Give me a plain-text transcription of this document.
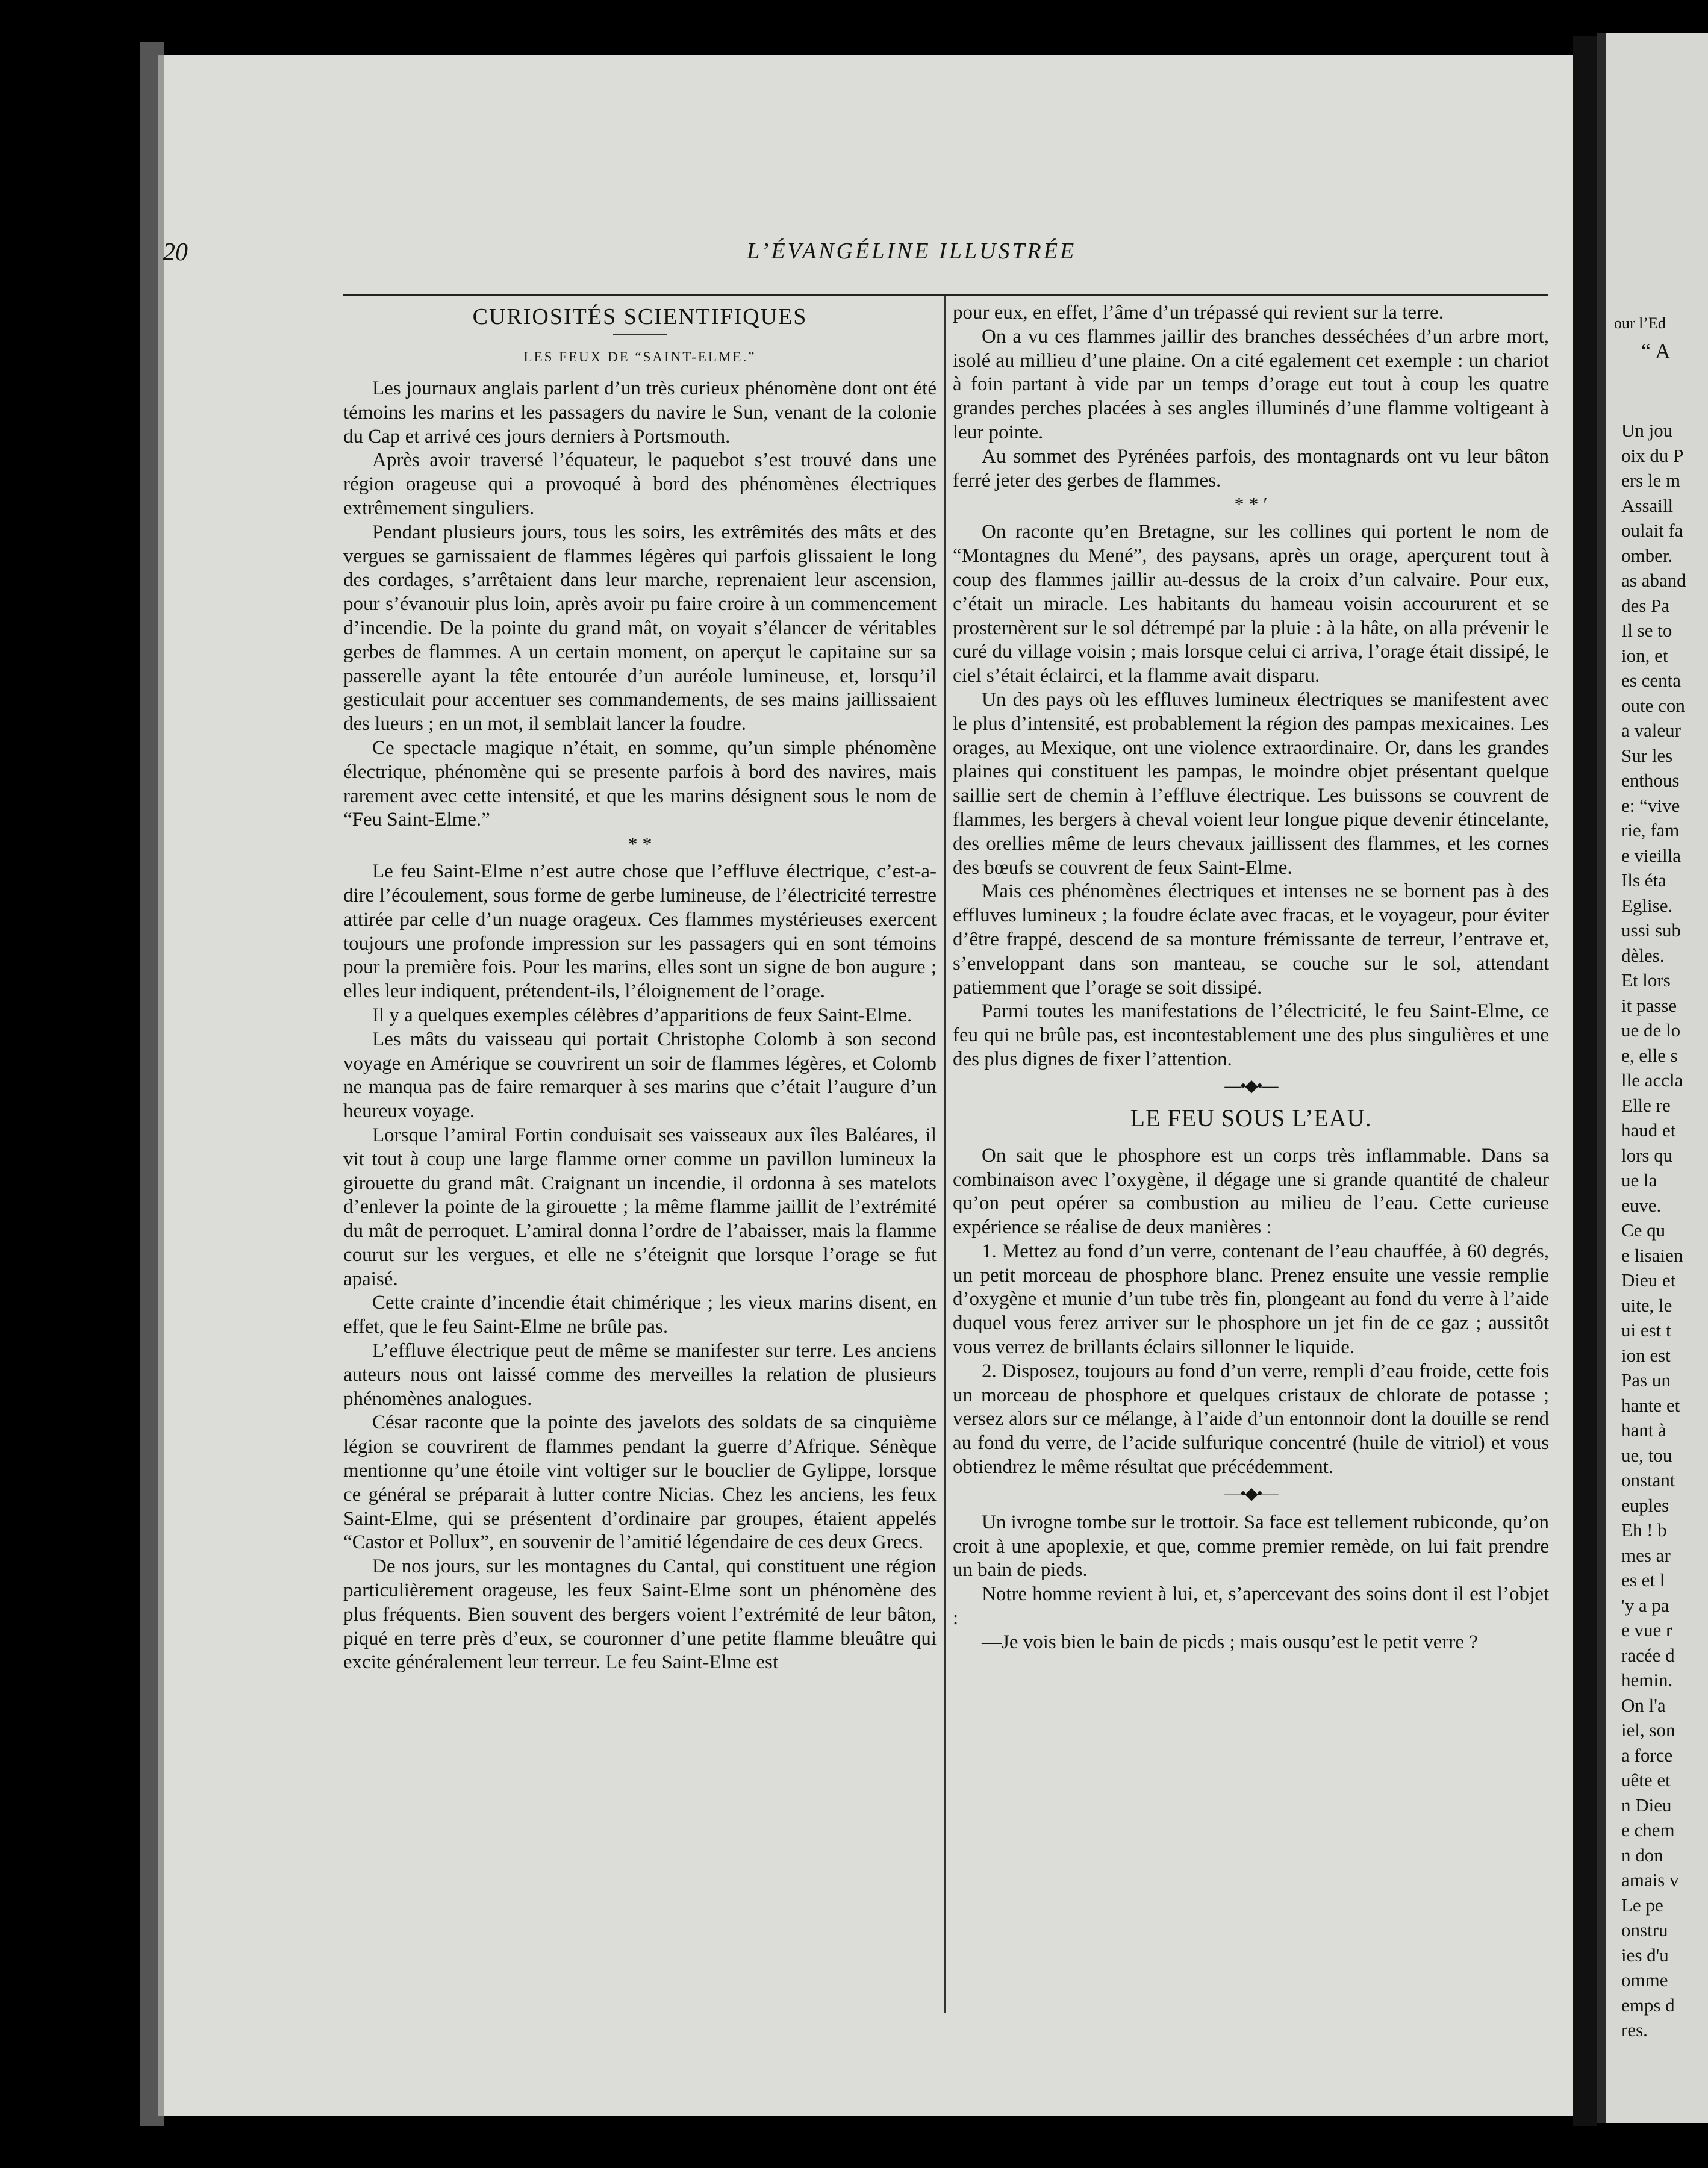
Un jou
oix du P
ers le m
Assaill
oulait fa
omber.
as aband
des Pa
Il se to
ion, et
es centa
oute con
a valeur
Sur les
enthous
e: “vive
rie, fam
e vieilla
Ils éta
Eglise.
ussi sub
dèles.
Et lors
it passe
ue de lo
e, elle s
lle accla
Elle re
haud et
lors qu
ue la
euve.
Ce qu
e lisaien
Dieu et
uite, le
ui est t
ion est
Pas un
hante et
hant à
ue, tou
onstant
euples
Eh ! b
mes ar
es et l
'y a pa
e vue r
racée d
hemin.
On l'a
iel, son
a force
uête et
n Dieu
e chem
n don
amais v
Le pe
onstru
ies d'u
omme
emps d
res.
our l’Ed
“ A
20	L’ÉVANGÉLINE ILLUSTRÉE
CURIOSITÉS SCIENTIFIQUES
LES FEUX DE “SAINT-ELME.”

Les journaux anglais parlent d’un très curieux phénomène dont ont été témoins les marins et les passagers du navire le Sun, venant de la colonie du Cap et arrivé ces jours derniers à Portsmouth.

Après avoir traversé l’équateur, le paquebot s’est trouvé dans une région orageuse qui a provoqué à bord des phénomènes électriques extrêmement singuliers.

Pendant plusieurs jours, tous les soirs, les extrêmités des mâts et des vergues se garnissaient de flammes légères qui parfois glissaient le long des cordages, s’arrêtaient dans leur marche, reprenaient leur ascension, pour s’évanouir plus loin, après avoir pu faire croire à un commencement d’incendie. De la pointe du grand mât, on voyait s’élancer de véritables gerbes de flammes. A un certain moment, on aperçut le capitaine sur sa passerelle ayant la tête entourée d’un auréole lumineuse, et, lorsqu’il gesticulait pour accentuer ses commandements, de ses mains jaillissaient des lueurs ; en un mot, il semblait lancer la foudre.

Ce spectacle magique n’était, en somme, qu’un simple phénomène électrique, phénomène qui se presente parfois à bord des navires, mais rarement avec cette intensité, et que les marins désignent sous le nom de “Feu Saint-Elme.”

* *

Le feu Saint-Elme n’est autre chose que l’effluve électrique, c’est-a-dire l’écoulement, sous forme de gerbe lumineuse, de l’électricité terrestre attirée par celle d’un nuage orageux. Ces flammes mystérieuses exercent toujours une profonde impression sur les passagers qui en sont témoins pour la première fois. Pour les marins, elles sont un signe de bon augure ; elles leur indiquent, prétendent-ils, l’éloignement de l’orage.

Il y a quelques exemples célèbres d’apparitions de feux Saint-Elme.

Les mâts du vaisseau qui portait Christophe Colomb à son second voyage en Amérique se couvrirent un soir de flammes légères, et Colomb ne manqua pas de faire remarquer à ses marins que c’était l’augure d’un heureux voyage.

Lorsque l’amiral Fortin conduisait ses vaisseaux aux îles Baléares, il vit tout à coup une large flamme orner comme un pavillon lumineux la girouette du grand mât. Craignant un incendie, il ordonna à ses matelots d’enlever la pointe de la girouette ; la même flamme jaillit de l’extrémité du mât de perroquet. L’amiral donna l’ordre de l’abaisser, mais la flamme courut sur les vergues, et elle ne s’éteignit que lorsque l’orage se fut apaisé.

Cette crainte d’incendie était chimérique ; les vieux marins disent, en effet, que le feu Saint-Elme ne brûle pas.

L’effluve électrique peut de même se manifester sur terre. Les anciens auteurs nous ont laissé comme des merveilles la relation de plusieurs phénomènes analogues.

César raconte que la pointe des javelots des soldats de sa cinquième légion se couvrirent de flammes pendant la guerre d’Afrique. Sénèque mentionne qu’une étoile vint voltiger sur le bouclier de Gylippe, lorsque ce général se préparait à lutter contre Nicias. Chez les anciens, les feux Saint-Elme, qui se présentent d’ordinaire par groupes, étaient appelés “Castor et Pollux”, en souvenir de l’amitié légendaire de ces deux Grecs.

De nos jours, sur les montagnes du Cantal, qui constituent une région particulièrement orageuse, les feux Saint-Elme sont un phénomène des plus fréquents. Bien souvent des bergers voient l’extrémité de leur bâton, piqué en terre près d’eux, se couronner d’une petite flamme bleuâtre qui excite généralement leur terreur. Le feu Saint-Elme est

pour eux, en effet, l’âme d’un trépassé qui revient sur la terre.

On a vu ces flammes jaillir des branches desséchées d’un arbre mort, isolé au millieu d’une plaine. On a cité egalement cet exemple : un chariot à foin partant à vide par un temps d’orage eut tout à coup les quatre grandes perches placées à ses angles illuminés d’une flamme voltigeant à leur pointe.

Au sommet des Pyrénées parfois, des montagnards ont vu leur bâton ferré jeter des gerbes de flammes.

* * ′

On raconte qu’en Bretagne, sur les collines qui portent le nom de “Montagnes du Mené”, des paysans, après un orage, aperçurent tout à coup des flammes jaillir au-dessus de la croix d’un calvaire. Pour eux, c’était un miracle. Les habitants du hameau voisin accoururent et se prosternèrent sur le sol détrempé par la pluie : à la hâte, on alla prévenir le curé du village voisin ; mais lorsque celui ci arriva, l’orage était dissipé, le ciel s’était éclairci, et la flamme avait disparu.

Un des pays où les effluves lumineux électriques se manifestent avec le plus d’intensité, est probablement la région des pampas mexicaines. Les orages, au Mexique, ont une violence extraordinaire. Or, dans les grandes plaines qui constituent les pampas, le moindre objet présentant quelque saillie sert de chemin à l’effluve électrique. Les buissons se couvrent de flammes, les bergers à cheval voient leur longue pique devenir étincelante, des orellies même de leurs chevaux jaillissent des flammes, et les cornes des bœufs se couvrent de feux Saint-Elme.

Mais ces phénomènes électriques et intenses ne se bornent pas à des effluves lumineux ; la foudre éclate avec fracas, et le voyageur, pour éviter d’être frappé, descend de sa monture frémissante de terreur, l’entrave et, s’enveloppant dans son manteau, se couche sur le sol, attendant patiemment que l’orage se soit dissipé.

Parmi toutes les manifestations de l’électricité, le feu Saint-Elme, ce feu qui ne brûle pas, est incontestablement une des plus singulières et une des plus dignes de fixer l’attention.

—•◆•—
LE FEU SOUS L’EAU.

On sait que le phosphore est un corps très inflammable. Dans sa combinaison avec l’oxygène, il dégage une si grande quantité de chaleur qu’on peut opérer sa combustion au milieu de l’eau. Cette curieuse expérience se réalise de deux manières :

1. Mettez au fond d’un verre, contenant de l’eau chauffée, à 60 degrés, un petit morceau de phosphore blanc. Prenez ensuite une vessie remplie d’oxygène et munie d’un tube très fin, plongeant au fond du verre à l’aide duquel vous ferez arriver sur le phosphore un jet fin de ce gaz ; aussitôt vous verrez de brillants éclairs sillonner le liquide.

2. Disposez, toujours au fond d’un verre, rempli d’eau froide, cette fois un morceau de phosphore et quelques cristaux de chlorate de potasse ; versez alors sur ce mélange, à l’aide d’un entonnoir dont la douille se rend au fond du verre, de l’acide sulfurique concentré (huile de vitriol) et vous obtiendrez le même résultat que précédemment.

—•◆•—

Un ivrogne tombe sur le trottoir. Sa face est tellement rubiconde, qu’on croit à une apoplexie, et que, comme premier remède, on lui fait prendre un bain de pieds.

Notre homme revient à lui, et, s’apercevant des soins dont il est l’objet :

—Je vois bien le bain de picds ; mais ousqu’est le petit verre ?
